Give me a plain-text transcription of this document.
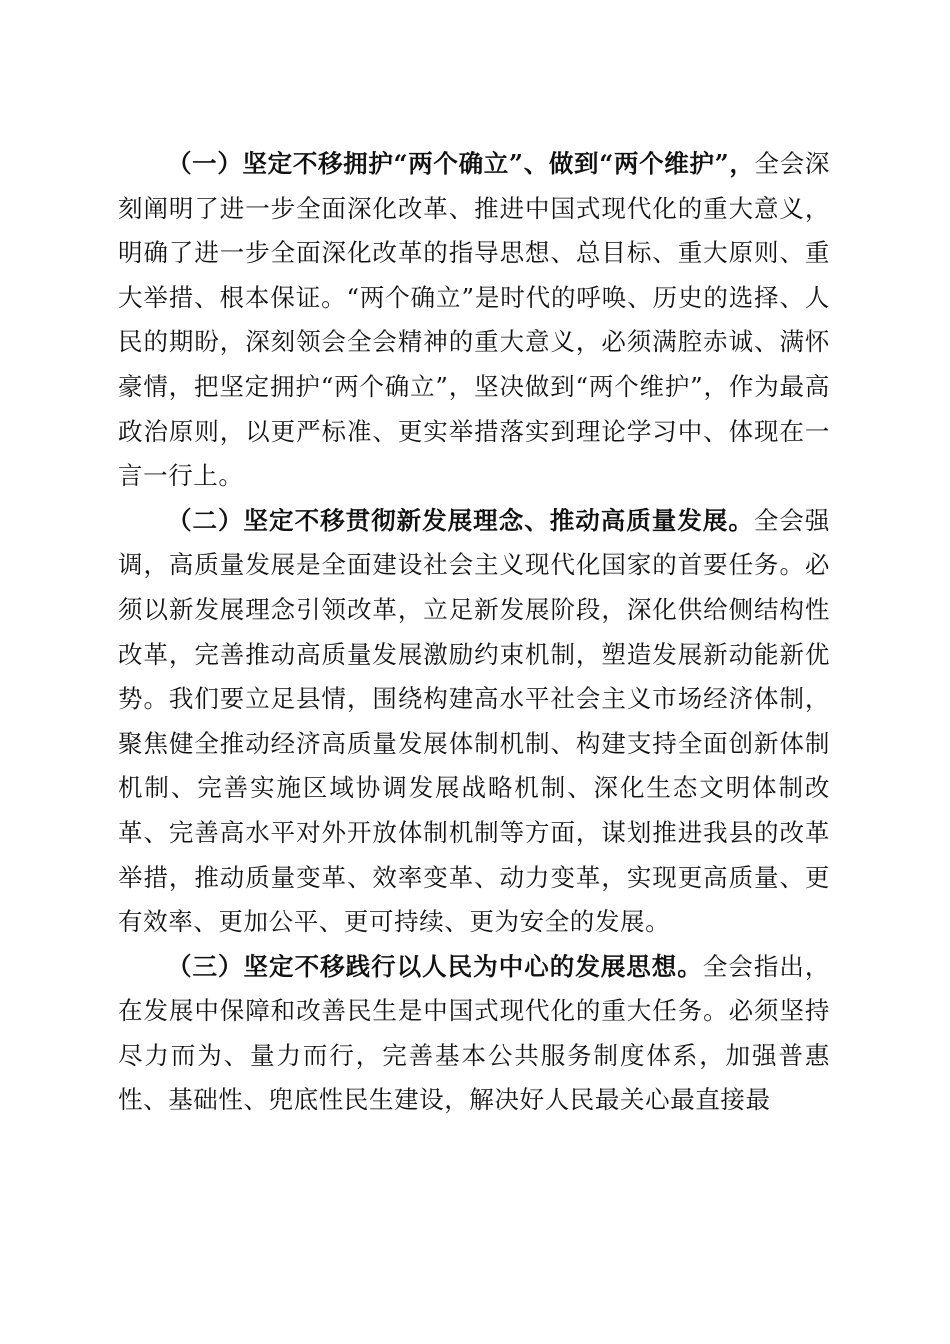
（一）坚定不移拥护“两个确立”、做到“两个维护”，全会深刻阐明了进一步全面深化改革、推进中国式现代化的重大意义，明确了进一步全面深化改革的指导思想、总目标、重大原则、重大举措、根本保证。“两个确立”是时代的呼唤、历史的选择、人民的期盼，深刻领会全会精神的重大意义，必须满腔赤诚、满怀豪情，把坚定拥护“两个确立”，坚决做到“两个维护”，作为最高政治原则，以更严标准、更实举措落实到理论学习中、体现在一言一行上。

（二）坚定不移贯彻新发展理念、推动高质量发展。全会强调，高质量发展是全面建设社会主义现代化国家的首要任务。必须以新发展理念引领改革，立足新发展阶段，深化供给侧结构性改革，完善推动高质量发展激励约束机制，塑造发展新动能新优势。我们要立足县情，围绕构建高水平社会主义市场经济体制，聚焦健全推动经济高质量发展体制机制、构建支持全面创新体制机制、完善实施区域协调发展战略机制、深化生态文明体制改革、完善高水平对外开放体制机制等方面，谋划推进我县的改革举措，推动质量变革、效率变革、动力变革，实现更高质量、更有效率、更加公平、更可持续、更为安全的发展。

（三）坚定不移践行以人民为中心的发展思想。全会指出，在发展中保障和改善民生是中国式现代化的重大任务。必须坚持尽力而为、量力而行，完善基本公共服务制度体系，加强普惠性、基础性、兜底性民生建设，解决好人民最关心最直接最
